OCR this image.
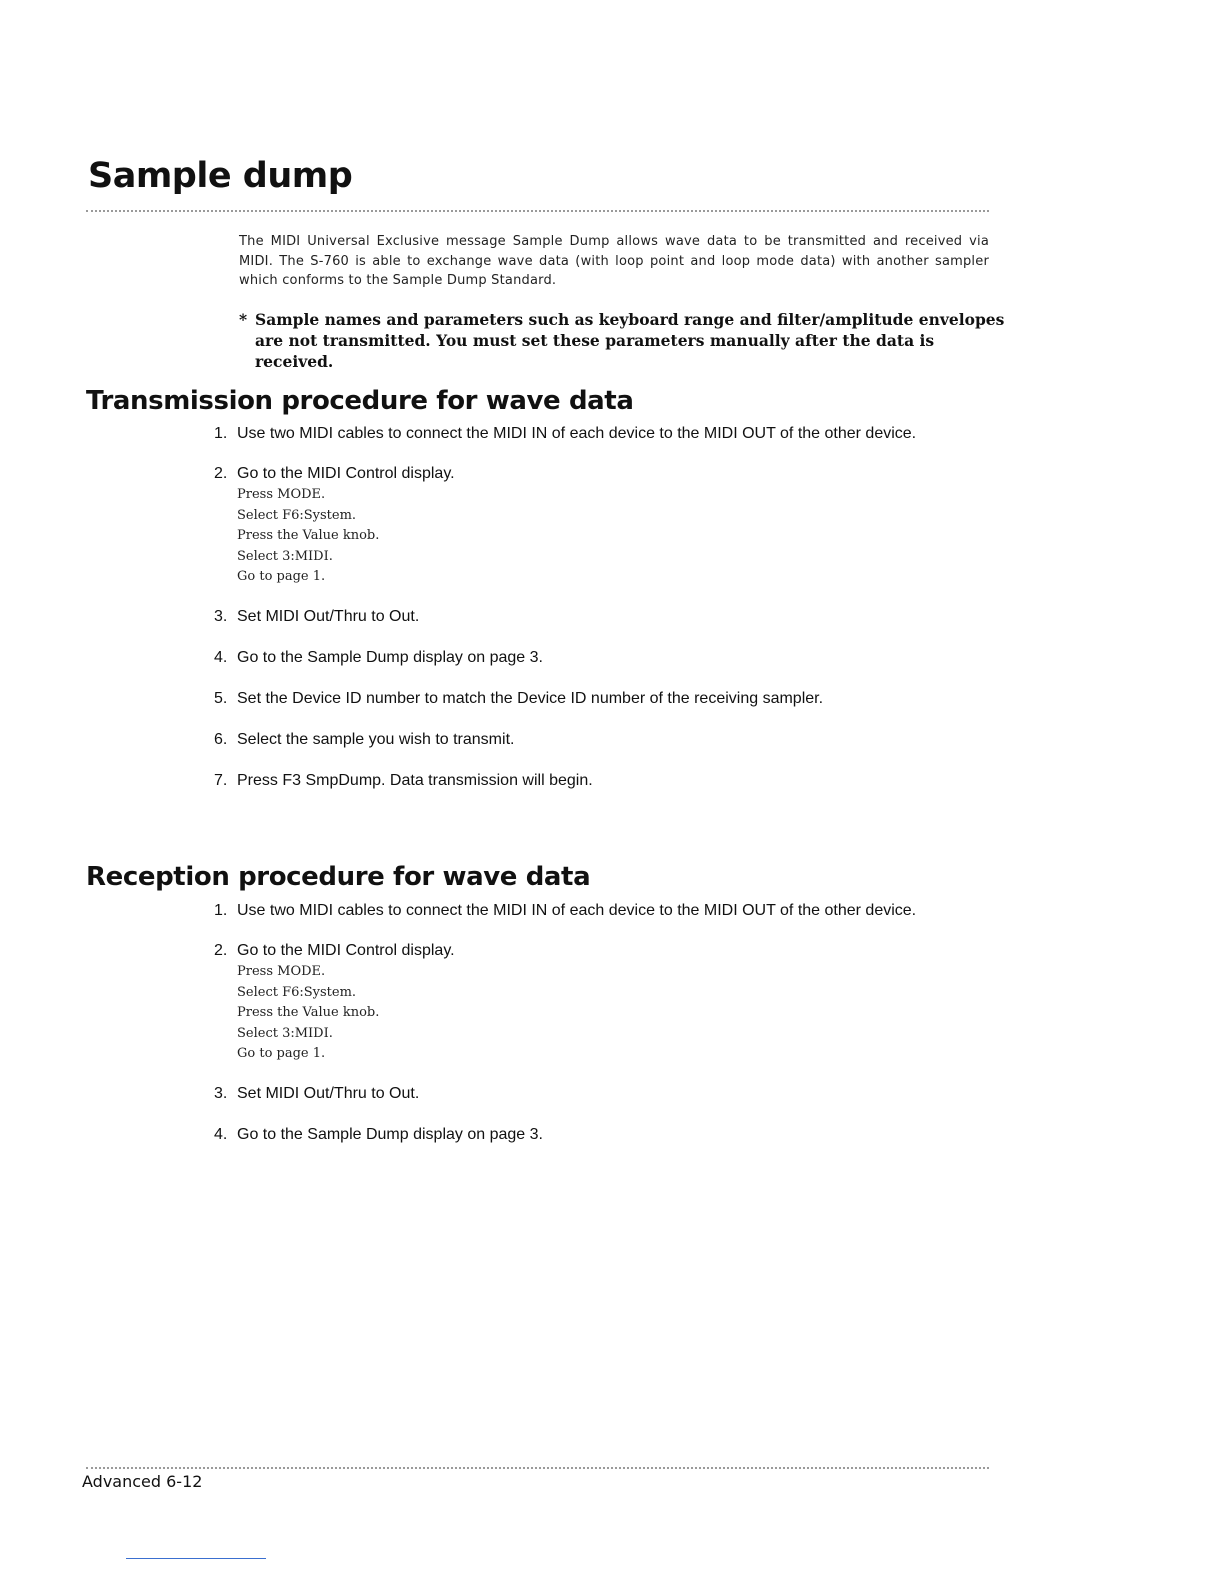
Sample dump

The MIDI Universal Exclusive message Sample Dump allows wave data to be transmitted and received via MIDI. The S-760 is able to exchange wave data (with loop point and loop mode data) with another sampler which conforms to the Sample Dump Standard.

* Sample names and parameters such as keyboard range and filter/amplitude envelopes are not transmitted. You must set these parameters manually after the data is received.

Transmission procedure for wave data
1. Use two MIDI cables to connect the MIDI IN of each device to the MIDI OUT of the other device.
2. Go to the MIDI Control display.
Press MODE.
Select F6:System.
Press the Value knob.
Select 3:MIDI.
Go to page 1.
3. Set MIDI Out/Thru to Out.
4. Go to the Sample Dump display on page 3.
5. Set the Device ID number to match the Device ID number of the receiving sampler.
6. Select the sample you wish to transmit.
7. Press F3 SmpDump. Data transmission will begin.
Reception procedure for wave data
1. Use two MIDI cables to connect the MIDI IN of each device to the MIDI OUT of the other device.
2. Go to the MIDI Control display.
Press MODE.
Select F6:System.
Press the Value knob.
Select 3:MIDI.
Go to page 1.
3. Set MIDI Out/Thru to Out.
4. Go to the Sample Dump display on page 3.

Advanced 6-12
